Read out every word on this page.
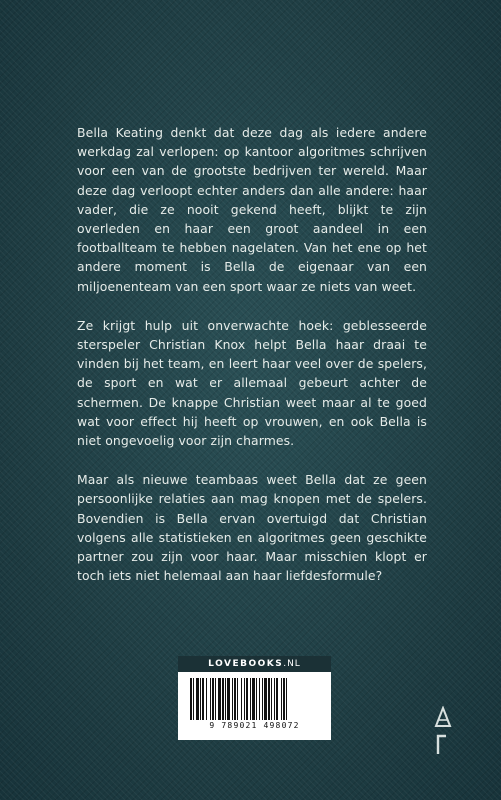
Bella Keating denkt dat deze dag als iedere andere werkdag zal verlopen: op kantoor algoritmes schrijven voor een van de grootste bedrijven ter wereld. Maar deze dag verloopt echter anders dan alle andere: haar vader, die ze nooit gekend heeft, blijkt te zijn overleden en haar een groot aandeel in een footballteam te hebben nagelaten. Van het ene op het andere moment is Bella de eigenaar van een miljoenenteam van een sport waar ze niets van weet.

Ze krijgt hulp uit onverwachte hoek: geblesseerde sterspeler Christian Knox helpt Bella haar draai te vinden bij het team, en leert haar veel over de spelers, de sport en wat er allemaal gebeurt achter de schermen. De knappe Christian weet maar al te goed wat voor effect hij heeft op vrouwen, en ook Bella is niet ongevoelig voor zijn charmes.

Maar als nieuwe teambaas weet Bella dat ze geen persoonlijke relaties aan mag knopen met de spelers. Bovendien is Bella ervan overtuigd dat Christian volgens alle statistieken en algoritmes geen geschikte partner zou zijn voor haar. Maar misschien klopt er toch iets niet helemaal aan haar liefdesformule?

LOVEBOOKS .NL
9 789021 498072
